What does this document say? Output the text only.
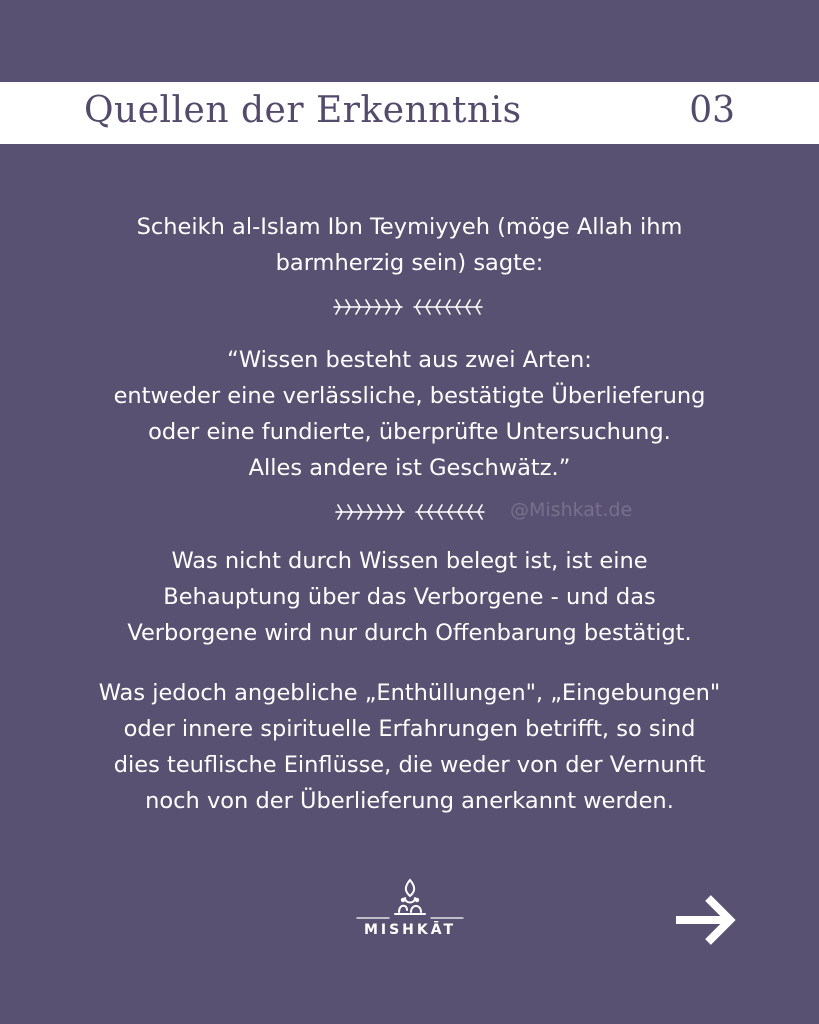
Quellen der Erkenntnis	03
Scheikh al-Islam Ibn Teymiyyeh (möge Allah ihm
barmherzig sein) sagte:
“Wissen besteht aus zwei Arten:
entweder eine verlässliche, bestätigte Überlieferung
oder eine fundierte, überprüfte Untersuchung.
Alles andere ist Geschwätz.”
@Mishkat.de
Was nicht durch Wissen belegt ist, ist eine
Behauptung über das Verborgene - und das
Verborgene wird nur durch Offenbarung bestätigt.
Was jedoch angebliche „Enthüllungen", „Eingebungen"
oder innere spirituelle Erfahrungen betrifft, so sind
dies teuflische Einflüsse, die weder von der Vernunft
noch von der Überlieferung anerkannt werden.
MISHKĀT
